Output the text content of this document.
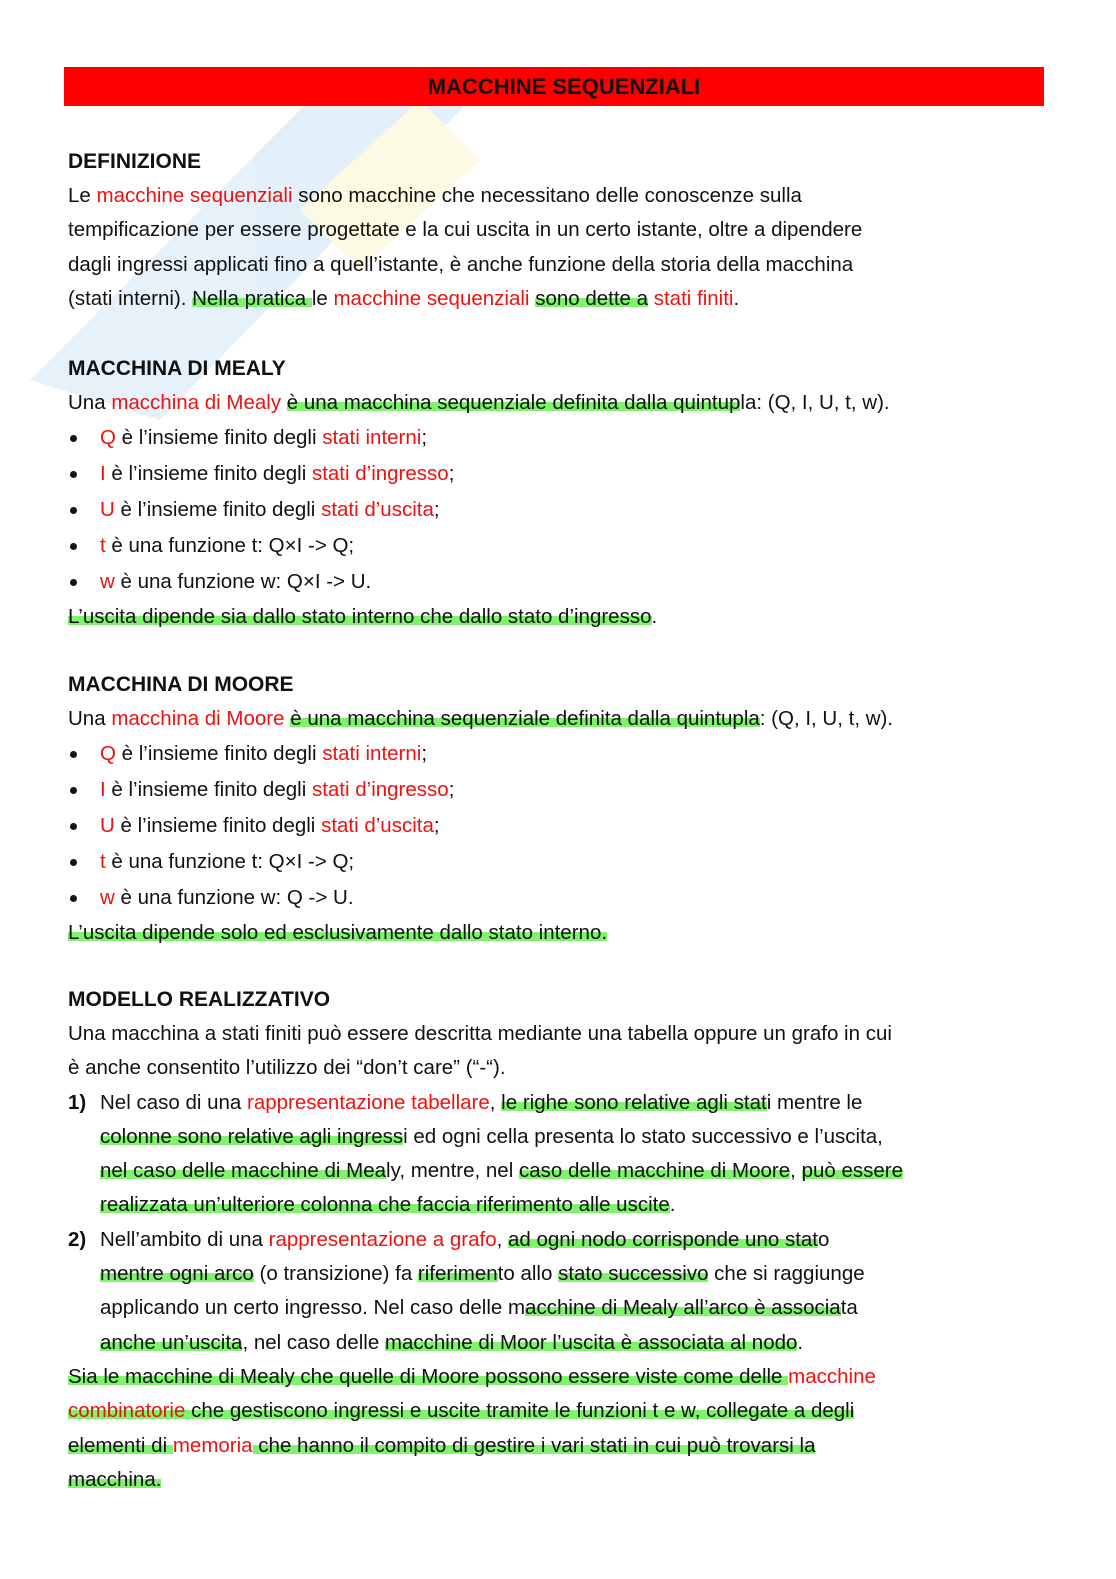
MACCHINE SEQUENZIALI
DEFINIZIONE
Le macchine sequenziali sono macchine che necessitano delle conoscenze sulla
tempificazione per essere progettate e la cui uscita in un certo istante, oltre a dipendere
dagli ingressi applicati fino a quell’istante, è anche funzione della storia della macchina
(stati interni). Nella pratica le macchine sequenziali sono dette a stati finiti.
MACCHINA DI MEALY
Una macchina di Mealy è una macchina sequenziale definita dalla quintupla: (Q, I, U, t, w).
Q è l’insieme finito degli stati interni;
I è l’insieme finito degli stati d’ingresso;
U è l’insieme finito degli stati d’uscita;
t è una funzione t: Q×I -> Q;
w è una funzione w: Q×I -> U.
L’uscita dipende sia dallo stato interno che dallo stato d’ingresso.
MACCHINA DI MOORE
Una macchina di Moore è una macchina sequenziale definita dalla quintupla: (Q, I, U, t, w).
Q è l’insieme finito degli stati interni;
I è l’insieme finito degli stati d’ingresso;
U è l’insieme finito degli stati d’uscita;
t è una funzione t: Q×I -> Q;
w è una funzione w: Q -> U.
L’uscita dipende solo ed esclusivamente dallo stato interno.
MODELLO REALIZZATIVO
Una macchina a stati finiti può essere descritta mediante una tabella oppure un grafo in cui
è anche consentito l’utilizzo dei “don’t care” (“-“).
1) Nel caso di una rappresentazione tabellare, le righe sono relative agli stati mentre le
colonne sono relative agli ingressi ed ogni cella presenta lo stato successivo e l’uscita,
nel caso delle macchine di Mealy, mentre, nel caso delle macchine di Moore, può essere
realizzata un’ulteriore colonna che faccia riferimento alle uscite.
2) Nell’ambito di una rappresentazione a grafo, ad ogni nodo corrisponde uno stato
mentre ogni arco (o transizione) fa riferimento allo stato successivo che si raggiunge
applicando un certo ingresso. Nel caso delle macchine di Mealy all’arco è associata
anche un’uscita, nel caso delle macchine di Moor l’uscita è associata al nodo.
Sia le macchine di Mealy che quelle di Moore possono essere viste come delle macchine
combinatorie che gestiscono ingressi e uscite tramite le funzioni t e w, collegate a degli
elementi di memoria che hanno il compito di gestire i vari stati in cui può trovarsi la
macchina.
